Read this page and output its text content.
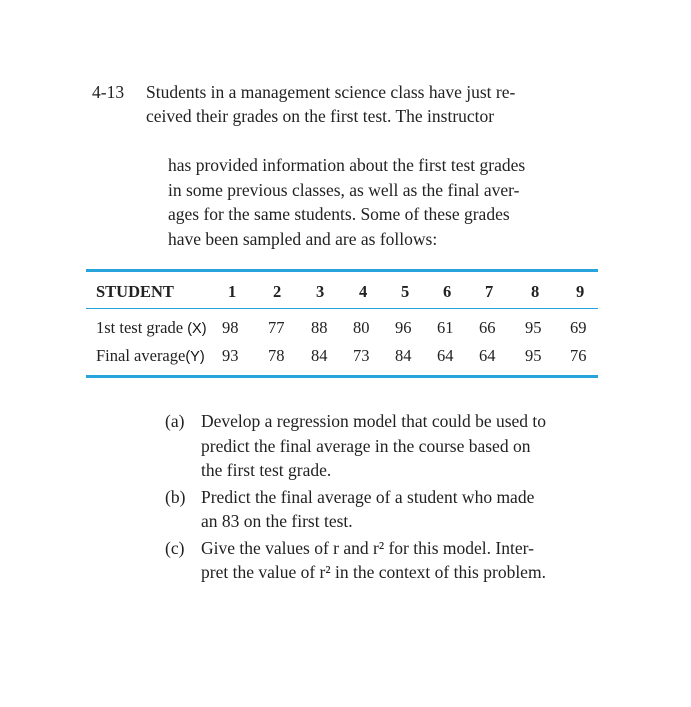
4-13 Students in a management science class have just re-
ceived their grades on the first test. The instructor
has provided information about the first test grades
in some previous classes, as well as the final aver-
ages for the same students. Some of these grades
have been sampled and are as follows:
STUDENT	1 2 3 4 5 6 7 8 9
1st test grade (X) 98 77 88 80 96 61 66 95 69
Final average(Y) 93 78 84 73 84 64 64 95 76
(a) Develop a regression model that could be used to
predict the final average in the course based on
the first test grade.
(b) Predict the final average of a student who made
an 83 on the first test.
(c) Give the values of r and r² for this model. Inter-
pret the value of r² in the context of this problem.
